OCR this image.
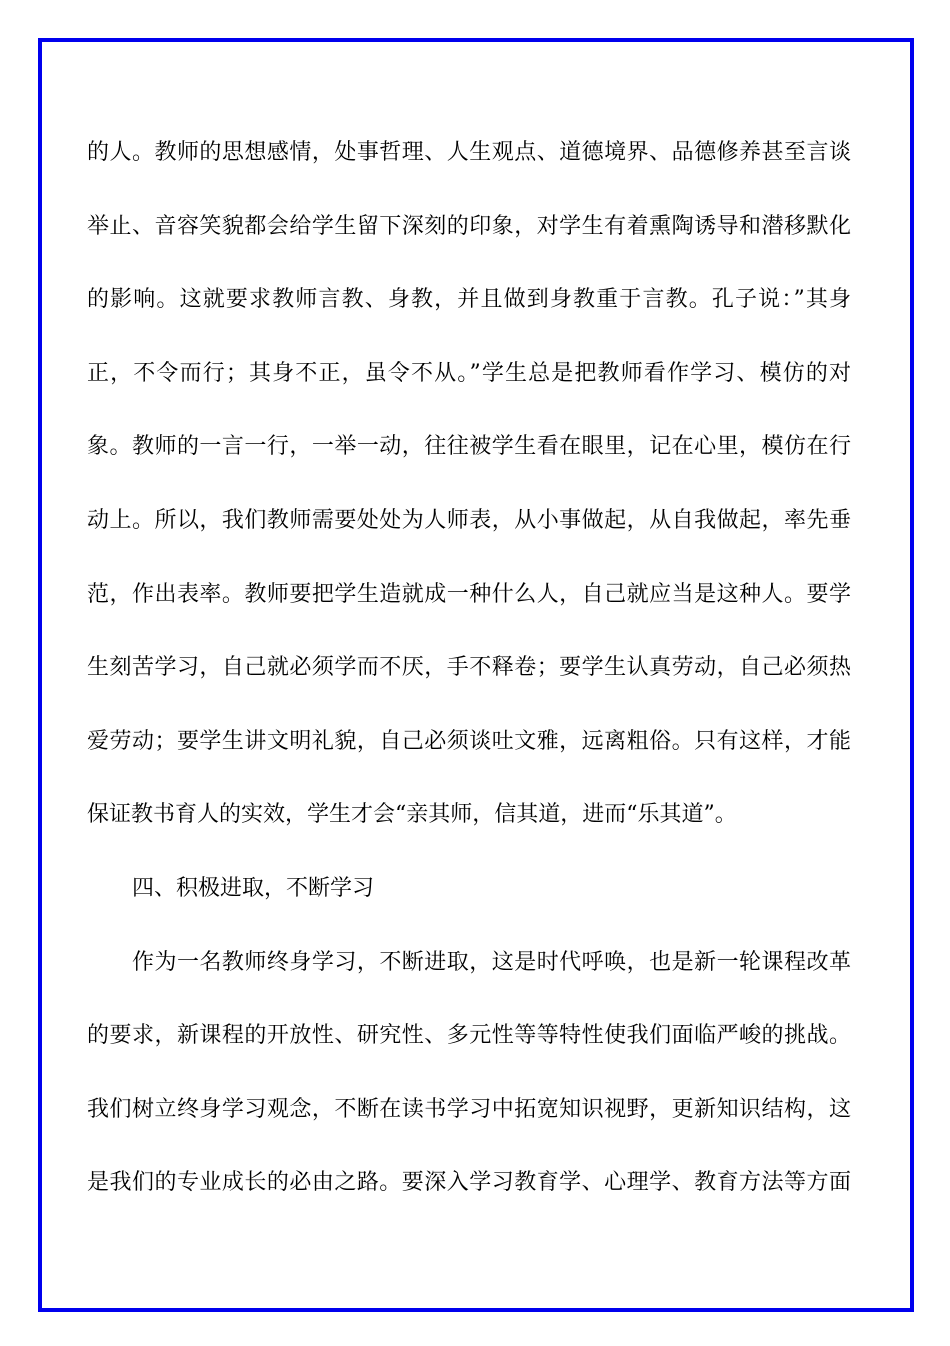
的人。教师的思想感情，处事哲理、人生观点、道德境界、品德修养甚至言谈
举止、音容笑貌都会给学生留下深刻的印象，对学生有着熏陶诱导和潜移默化
的影响。这就要求教师言教、身教，并且做到身教重于言教。孔子说：”其身
正，不令而行；其身不正，虽令不从。”学生总是把教师看作学习、模仿的对
象。教师的一言一行，一举一动，往往被学生看在眼里，记在心里，模仿在行
动上。所以，我们教师需要处处为人师表，从小事做起，从自我做起，率先垂
范，作出表率。教师要把学生造就成一种什么人，自己就应当是这种人。要学
生刻苦学习，自己就必须学而不厌，手不释卷；要学生认真劳动，自己必须热
爱劳动；要学生讲文明礼貌，自己必须谈吐文雅，远离粗俗。只有这样，才能
保证教书育人的实效，学生才会“亲其师，信其道，进而“乐其道”。
四、积极进取，不断学习
作为一名教师终身学习，不断进取，这是时代呼唤，也是新一轮课程改革
的要求，新课程的开放性、研究性、多元性等等特性使我们面临严峻的挑战。
我们树立终身学习观念，不断在读书学习中拓宽知识视野，更新知识结构，这
是我们的专业成长的必由之路。要深入学习教育学、心理学、教育方法等方面
